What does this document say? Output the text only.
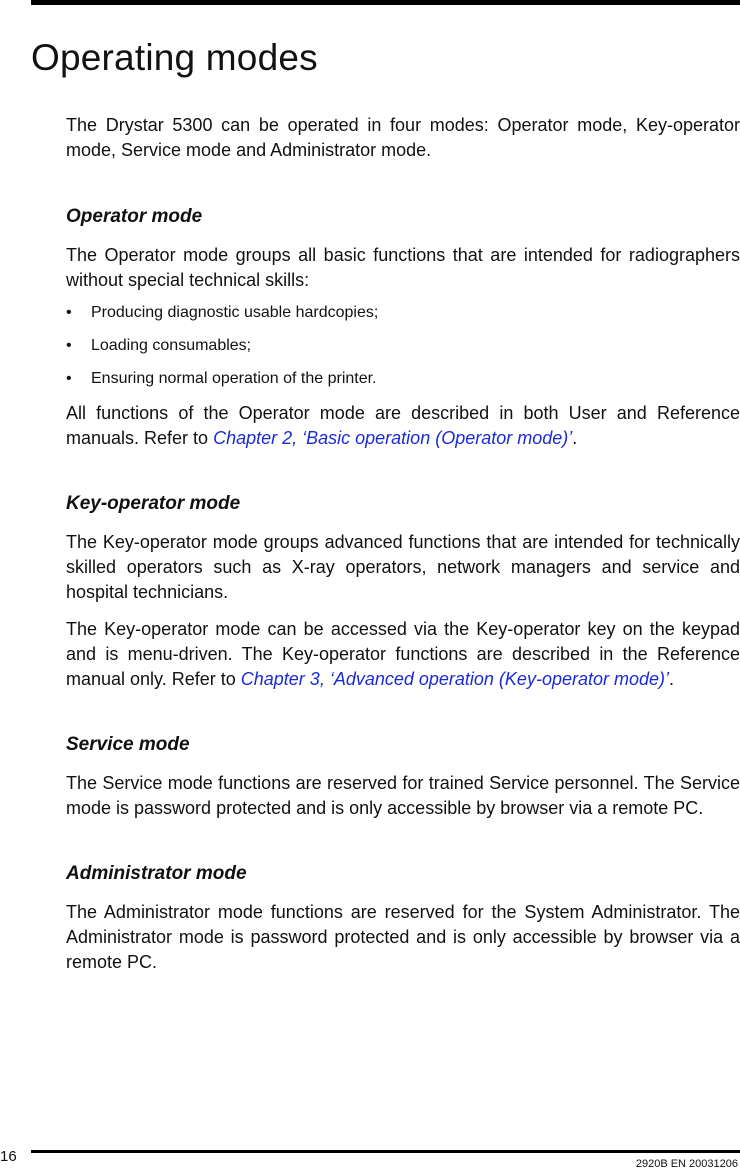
Operating modes

The Drystar 5300 can be operated in four modes: Operator mode, Key-operator mode, Service mode and Administrator mode.

Operator mode

The Operator mode groups all basic functions that are intended for radiographers without special technical skills:

• Producing diagnostic usable hardcopies;
• Loading consumables;
• Ensuring normal operation of the printer.

All functions of the Operator mode are described in both User and Reference manuals. Refer to Chapter 2, ‘Basic operation (Operator mode)’.

Key-operator mode

The Key-operator mode groups advanced functions that are intended for technically skilled operators such as X-ray operators, network managers and service and hospital technicians.

The Key-operator mode can be accessed via the Key-operator key on the keypad and is menu-driven. The Key-operator functions are described in the Reference manual only. Refer to Chapter 3, ‘Advanced operation (Key-operator mode)’.

Service mode

The Service mode functions are reserved for trained Service personnel. The Service mode is password protected and is only accessible by browser via a remote PC.

Administrator mode

The Administrator mode functions are reserved for the System Administrator. The Administrator mode is password protected and is only accessible by browser via a remote PC.

16	2920B EN 20031206
